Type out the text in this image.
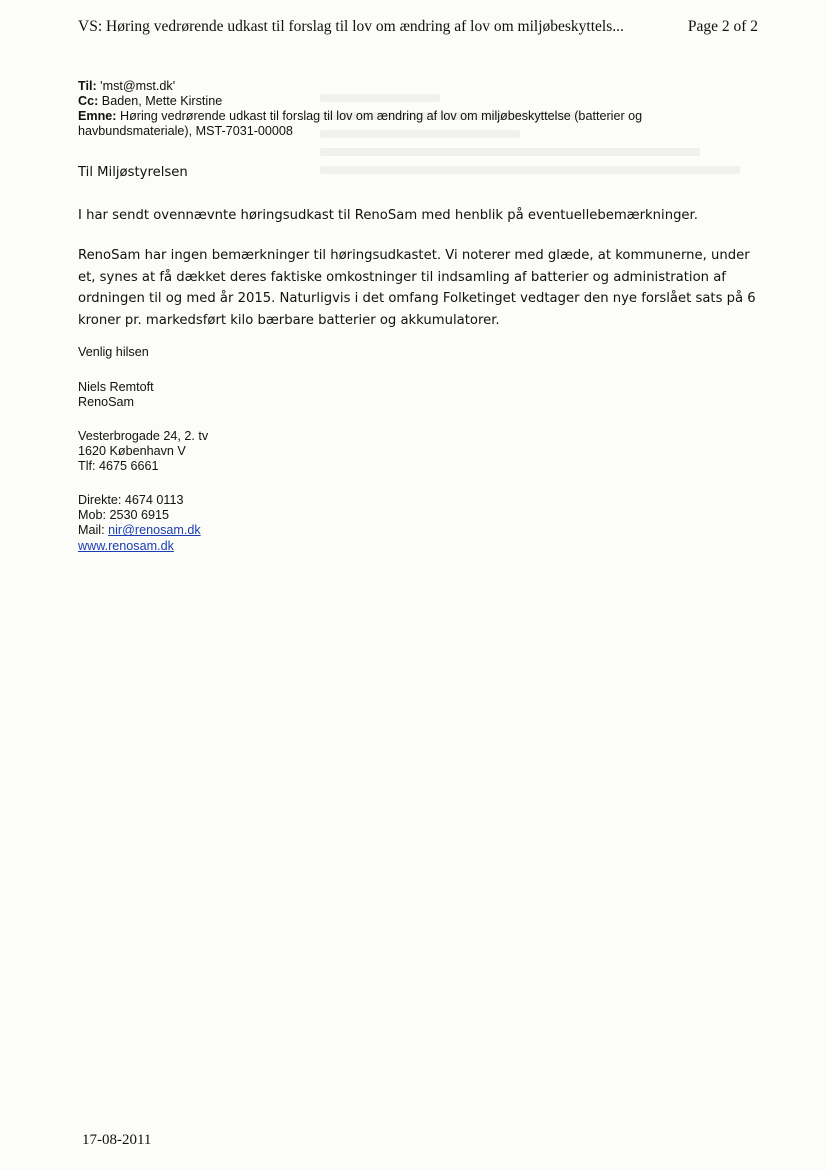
VS: Høring vedrørende udkast til forslag til lov om ændring af lov om miljøbeskyttels...	Page 2 of 2
Til: 'mst@mst.dk'
Cc: Baden, Mette Kirstine
Emne: Høring vedrørende udkast til forslag til lov om ændring af lov om miljøbeskyttelse (batterier og havbundsmateriale), MST-7031-00008
Til Miljøstyrelsen
I har sendt ovennævnte høringsudkast til RenoSam med henblik på eventuellebemærkninger.
RenoSam har ingen bemærkninger til høringsudkastet. Vi noterer med glæde, at kommunerne, under et, synes at få dækket deres faktiske omkostninger til indsamling af batterier og administration af ordningen til og med år 2015. Naturligvis i det omfang Folketinget vedtager den nye forslået sats på 6 kroner pr. markedsført kilo bærbare batterier og akkumulatorer.
Venlig hilsen
Niels Remtoft
RenoSam
Vesterbrogade 24, 2. tv
1620 København V
Tlf: 4675 6661
Direkte: 4674 0113
Mob: 2530 6915
Mail: nir@renosam.dk
www.renosam.dk
17-08-2011
